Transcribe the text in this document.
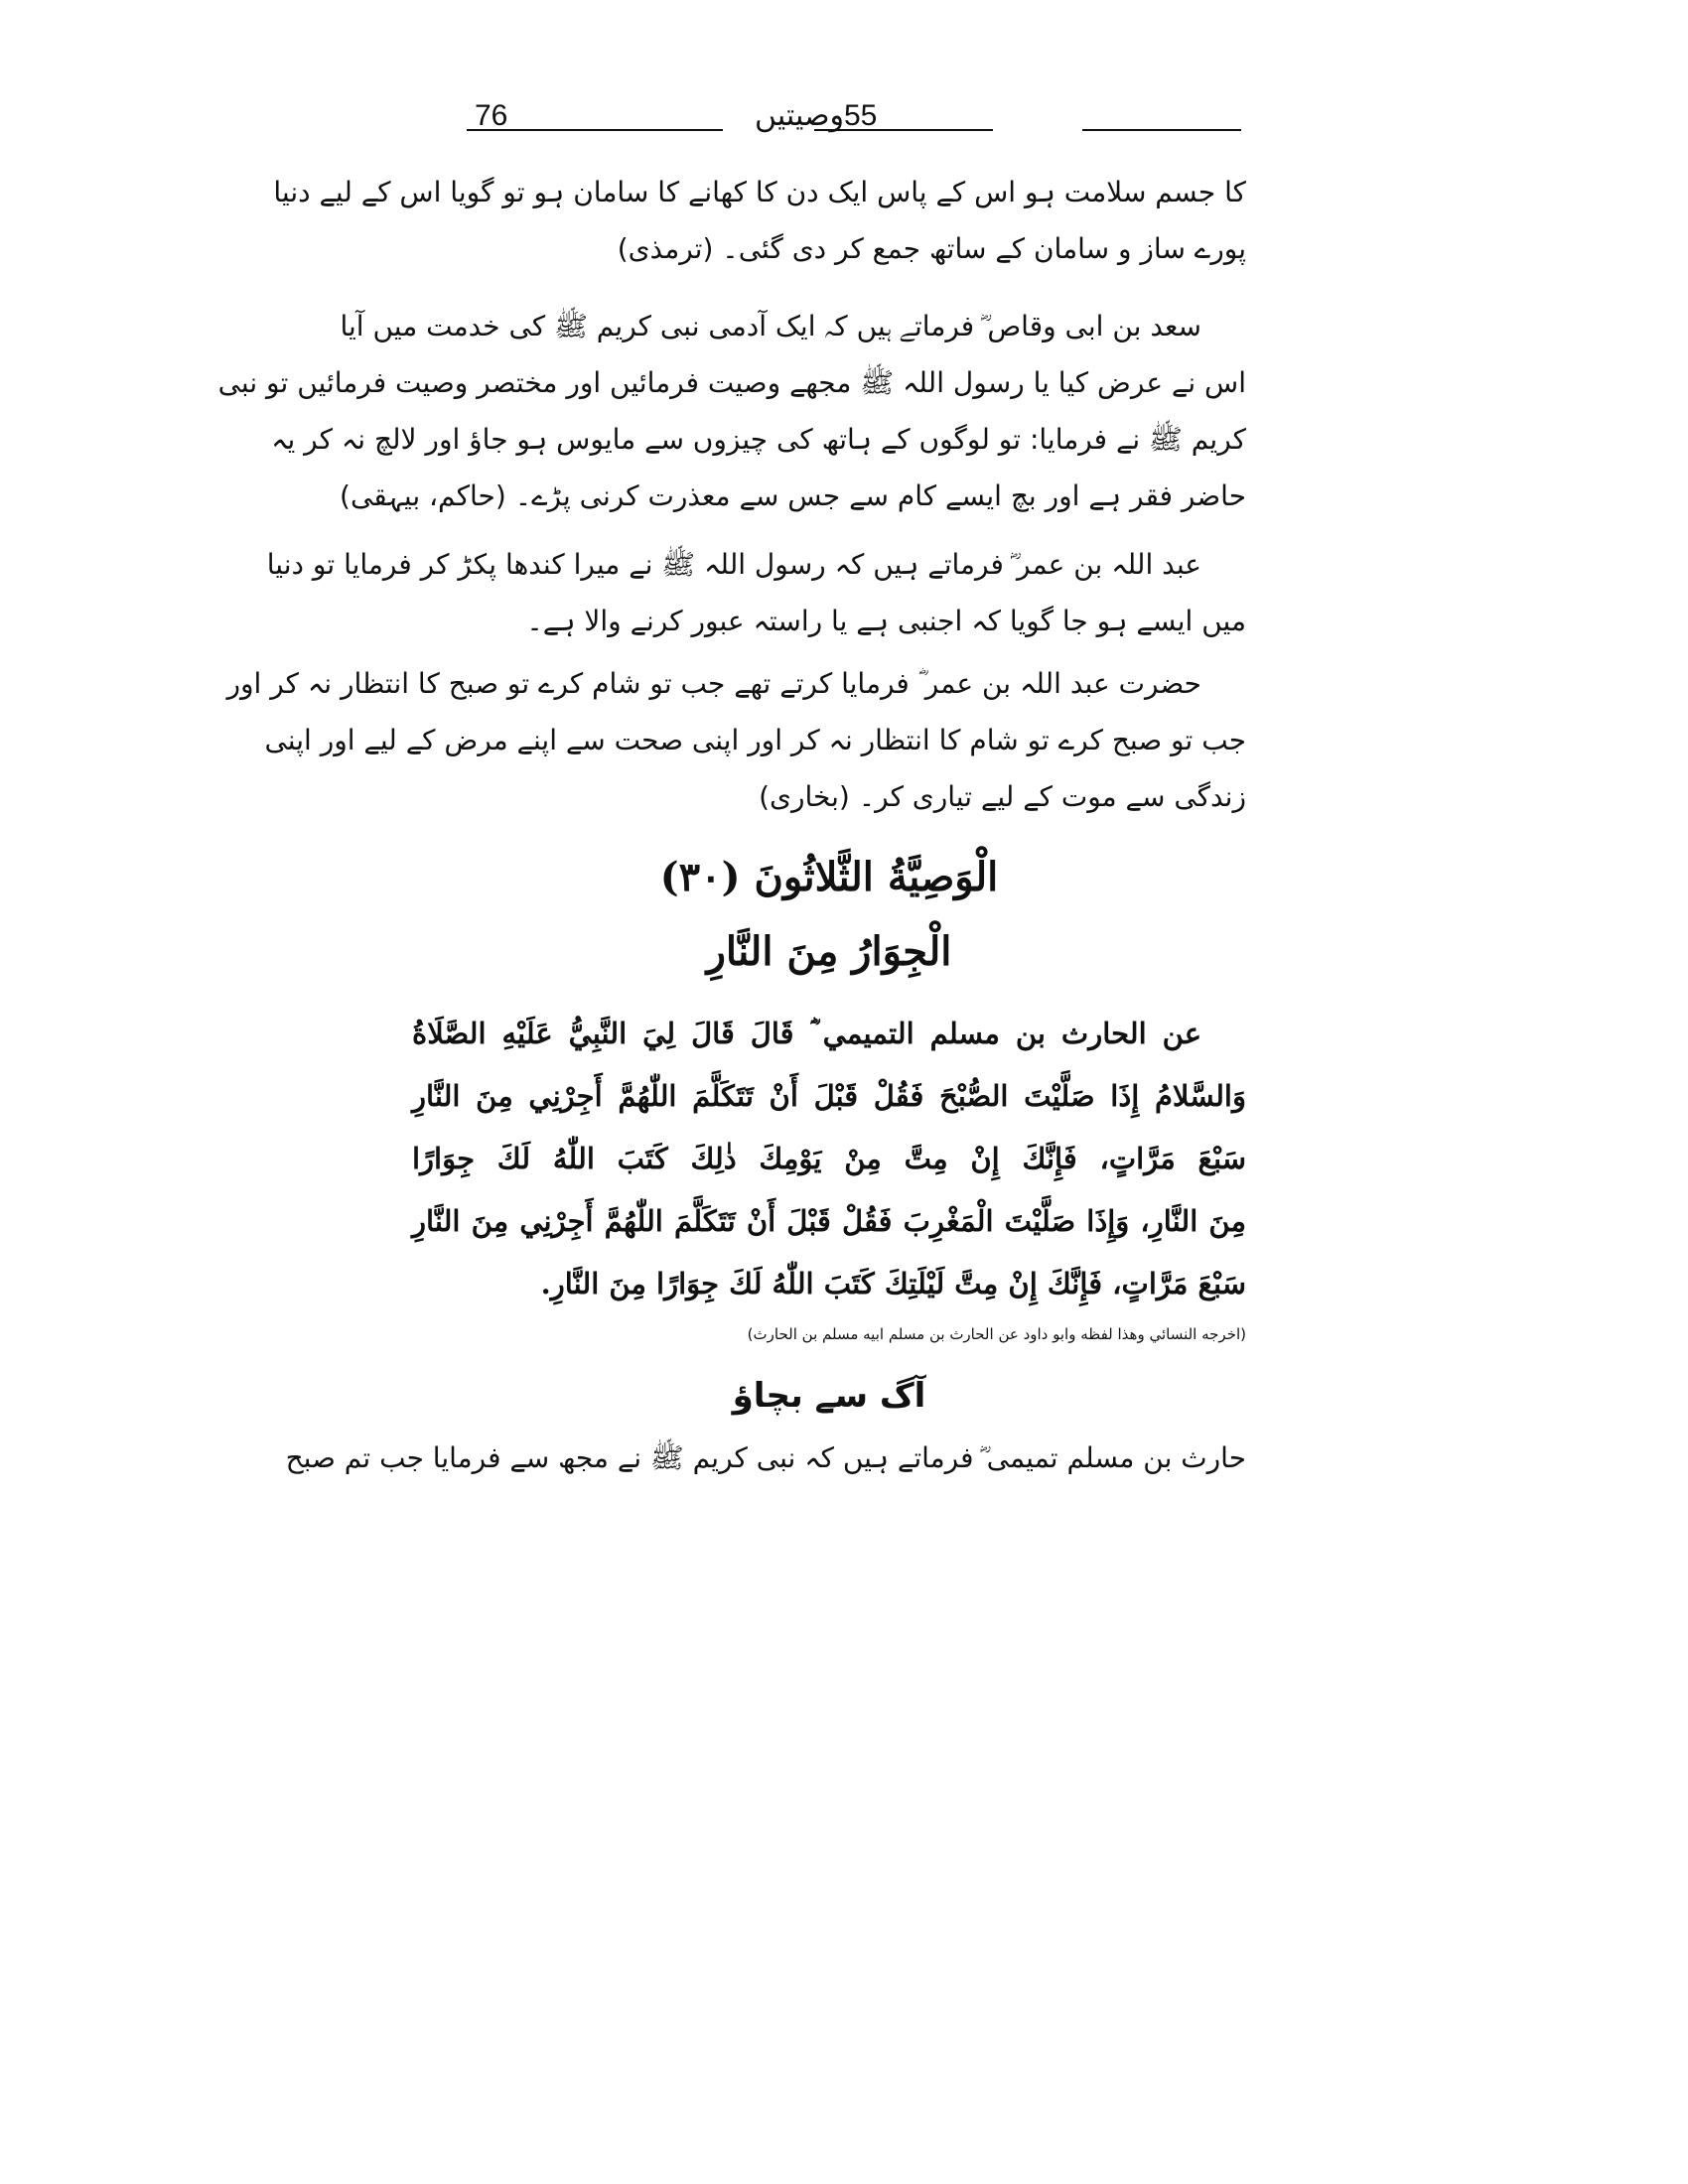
76	55وصیتیں
کا جسم سلامت ہو اس کے پاس ایک دن کا کھانے کا سامان ہو تو گویا اس کے لیے دنیا
پورے ساز و سامان کے ساتھ جمع کر دی گئی۔ (ترمذی)
سعد بن ابی وقاص ؓ فرماتے ہیں کہ ایک آدمی نبی کریم ﷺ کی خدمت میں آیا
اس نے عرض کیا یا رسول اللہ ﷺ مجھے وصیت فرمائیں اور مختصر وصیت فرمائیں تو نبی
کریم ﷺ نے فرمایا: تو لوگوں کے ہاتھ کی چیزوں سے مایوس ہو جاؤ اور لالچ نہ کر یہ
حاضر فقر ہے اور بچ ایسے کام سے جس سے معذرت کرنی پڑے۔ (حاکم، بیہقی)
عبد اللہ بن عمر ؓ فرماتے ہیں کہ رسول اللہ ﷺ نے میرا کندھا پکڑ کر فرمایا تو دنیا
میں ایسے ہو جا گویا کہ اجنبی ہے یا راستہ عبور کرنے والا ہے۔
حضرت عبد اللہ بن عمر ؓ فرمایا کرتے تھے جب تو شام کرے تو صبح کا انتظار نہ کر اور
جب تو صبح کرے تو شام کا انتظار نہ کر اور اپنی صحت سے اپنے مرض کے لیے اور اپنی
زندگی سے موت کے لیے تیاری کر۔ (بخاری)
الْوَصِيَّةُ الثَّلاثُونَ (٣٠)
الْجِوَارُ مِنَ النَّارِ
عن الحارث بن مسلم التميمي ؓ قَالَ قَالَ لِيَ النَّبِيُّ عَلَيْهِ الصَّلَاةُ
وَالسَّلامُ إِذَا صَلَّيْتَ الصُّبْحَ فَقُلْ قَبْلَ أَنْ تَتَكَلَّمَ اللّٰهُمَّ أَجِرْنِي مِنَ النَّارِ
سَبْعَ مَرَّاتٍ، فَإِنَّكَ إِنْ مِتَّ مِنْ يَوْمِكَ ذٰلِكَ كَتَبَ اللّٰهُ لَكَ جِوَارًا
مِنَ النَّارِ، وَإِذَا صَلَّيْتَ الْمَغْرِبَ فَقُلْ قَبْلَ أَنْ تَتَكَلَّمَ اللّٰهُمَّ أَجِرْنِي مِنَ النَّارِ
سَبْعَ مَرَّاتٍ، فَإِنَّكَ إِنْ مِتَّ لَيْلَتِكَ كَتَبَ اللّٰهُ لَكَ جِوَارًا مِنَ النَّارِ.
(اخرجه النسائي وهذا لفظه وابو داود عن الحارث بن مسلم ابيه مسلم بن الحارث)
آگ سے بچاؤ
حارث بن مسلم تمیمی ؓ فرماتے ہیں کہ نبی کریم ﷺ نے مجھ سے فرمایا جب تم صبح
